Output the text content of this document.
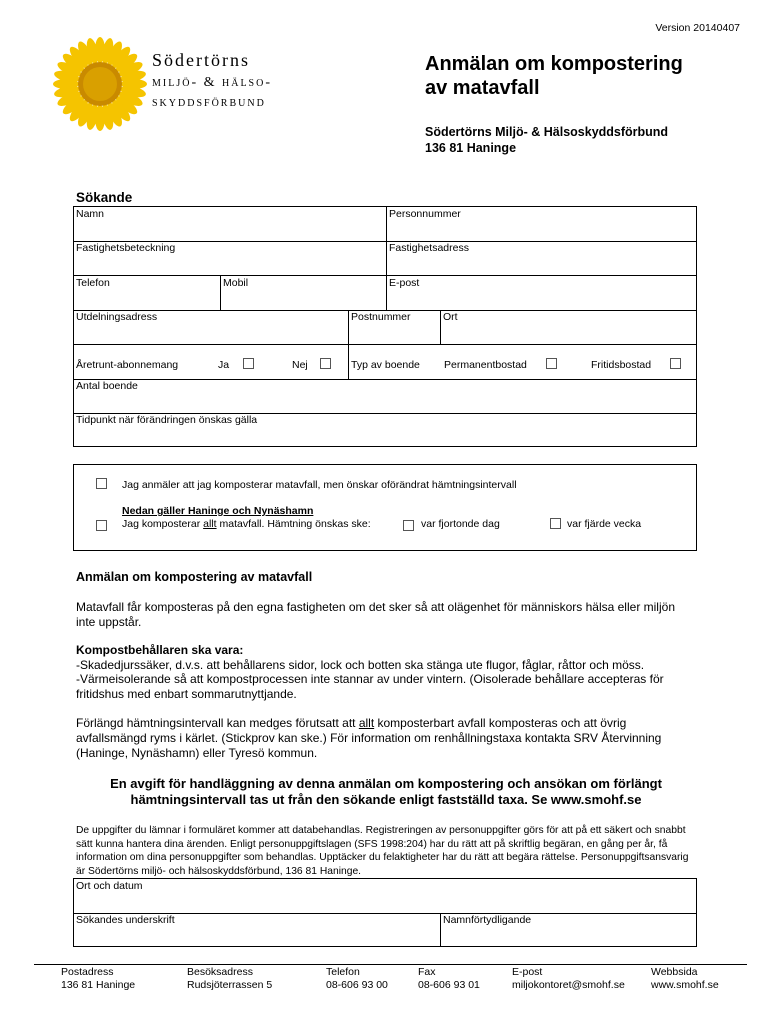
Version 20140407
Södertörns
miljö- & hälso-
skyddsförbund
Anmälan om kompostering
av matavfall
Södertörns Miljö- & Hälsoskyddsförbund
136 81 Haninge
Sökande
Namn	Personnummer
Fastighetsbeteckning	Fastighetsadress
Telefon	Mobil	E-post
Utdelningsadress	Postnummer	Ort
Åretrunt-abonnemang	Ja	Nej	Typ av boende Permanentbostad	Fritidsbostad
Antal boende
Tidpunkt när förändringen önskas gälla
Jag anmäler att jag komposterar matavfall, men önskar oförändrat hämtningsintervall
Nedan gäller Haninge och Nynäshamn
Jag komposterar allt matavfall. Hämtning önskas ske:	var fjortonde dag	var fjärde vecka
Anmälan om kompostering av matavfall
Matavfall får komposteras på den egna fastigheten om det sker så att olägenhet för människors hälsa eller miljön inte uppstår.
Kompostbehållaren ska vara:
-Skadedjurssäker, d.v.s. att behållarens sidor, lock och botten ska stänga ute flugor, fåglar, råttor och möss.
-Värmeisolerande så att kompostprocessen inte stannar av under vintern. (Oisolerade behållare accepteras för fritidshus med enbart sommarutnyttjande.
Förlängd hämtningsintervall kan medges förutsatt att allt komposterbart avfall komposteras och att övrig avfallsmängd ryms i kärlet. (Stickprov kan ske.) För information om renhållningstaxa kontakta SRV Återvinning (Haninge, Nynäshamn) eller Tyresö kommun.
En avgift för handläggning av denna anmälan om kompostering och ansökan om förlängt hämtningsintervall tas ut från den sökande enligt fastställd taxa. Se www.smohf.se
De uppgifter du lämnar i formuläret kommer att databehandlas. Registreringen av personuppgifter görs för att på ett säkert och snabbt sätt kunna hantera dina ärenden. Enligt personuppgiftslagen (SFS 1998:204) har du rätt att på skriftlig begäran, en gång per år, få information om dina personuppgifter som behandlas. Upptäcker du felaktigheter har du rätt att begära rättelse. Personuppgiftsansvarig är Södertörns miljö- och hälsoskyddsförbund, 136 81 Haninge.
Ort och datum
Sökandes underskrift	Namnförtydligande
Postadress
136 81 Haninge
Besöksadress
Rudsjöterrassen 5
Telefon
08-606 93 00
Fax
08-606 93 01
E-post
miljokontoret@smohf.se
Webbsida
www.smohf.se
